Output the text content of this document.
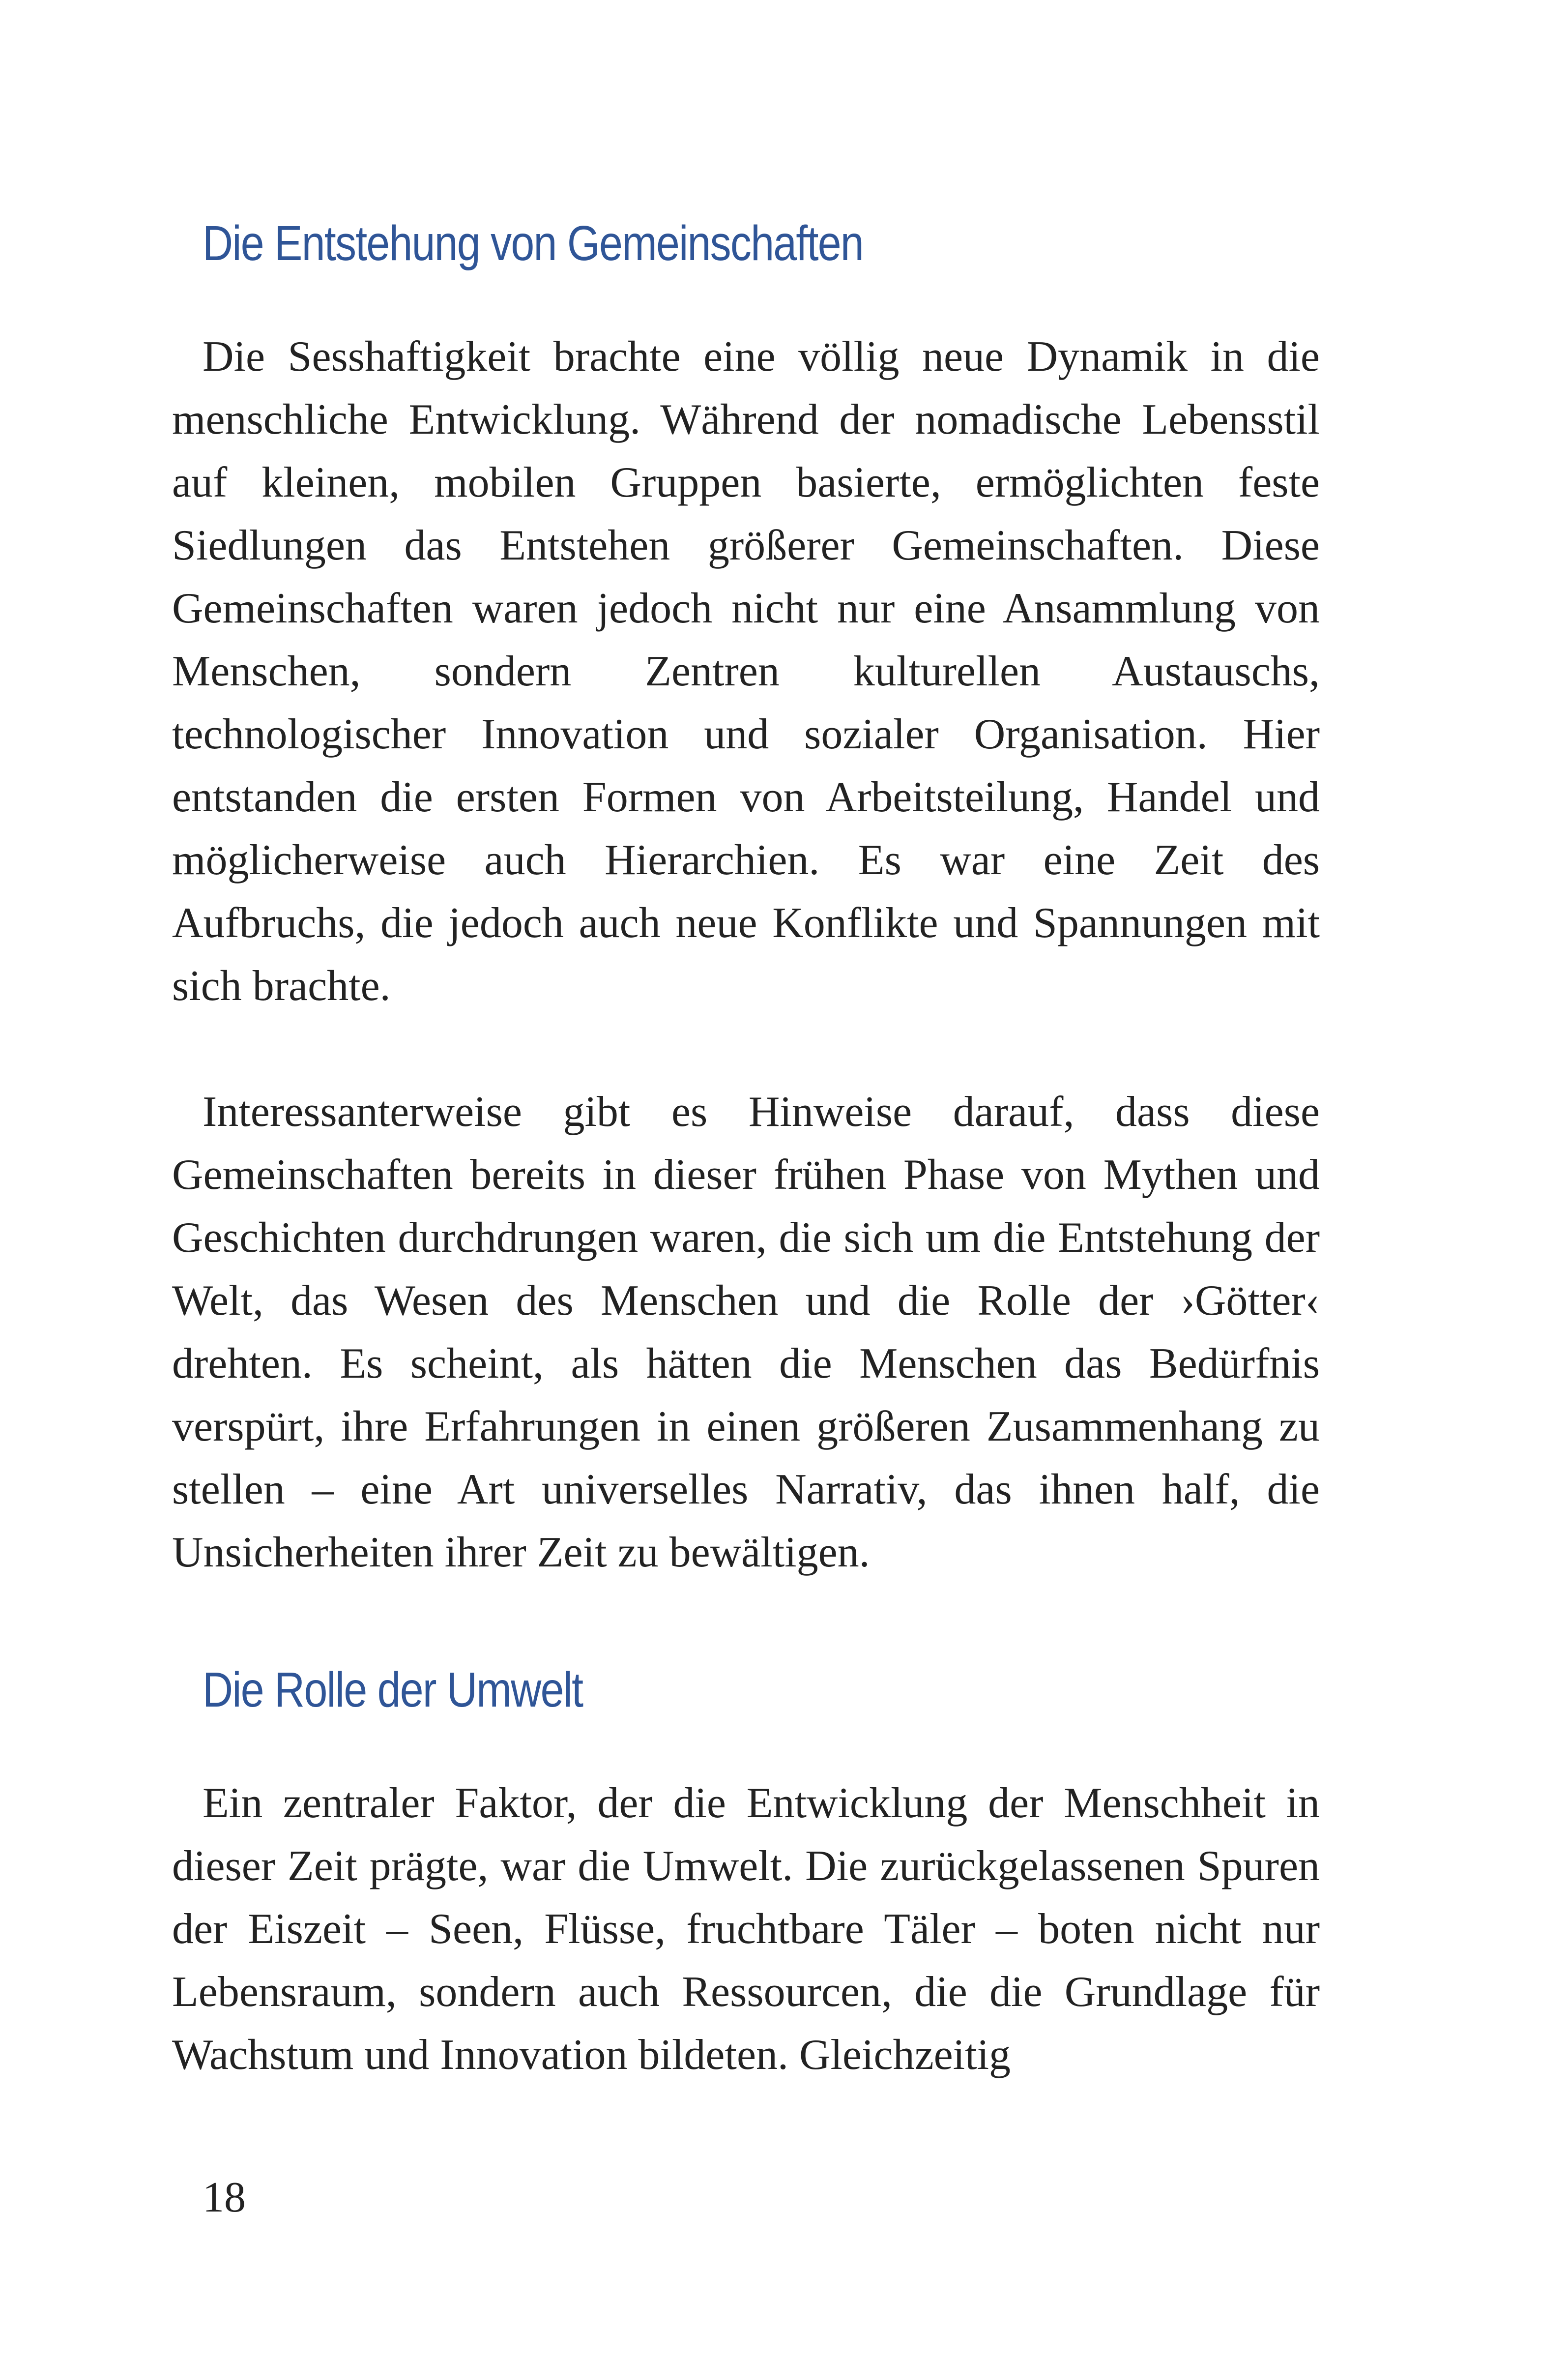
Die Entstehung von Gemeinschaften

Die Sesshaftigkeit brachte eine völlig neue Dynamik in die menschliche Entwicklung. Während der nomadische Lebensstil auf kleinen, mobilen Gruppen basierte, ermöglichten feste Siedlungen das Entstehen größerer Gemeinschaften. Diese Gemeinschaften waren jedoch nicht nur eine Ansammlung von Menschen, sondern Zentren kulturellen Austauschs, technologischer Innovation und sozialer Organisation. Hier entstanden die ersten Formen von Arbeitsteilung, Handel und möglicherweise auch Hierarchien. Es war eine Zeit des Aufbruchs, die jedoch auch neue Konflikte und Spannungen mit sich brachte.

Interessanterweise gibt es Hinweise darauf, dass diese Gemeinschaften bereits in dieser frühen Phase von Mythen und Geschichten durchdrungen waren, die sich um die Entstehung der Welt, das Wesen des Menschen und die Rolle der ›Götter‹ drehten. Es scheint, als hätten die Menschen das Bedürfnis verspürt, ihre Erfahrungen in einen größeren Zusammenhang zu stellen – eine Art universelles Narrativ, das ihnen half, die Unsicherheiten ihrer Zeit zu bewältigen.

Die Rolle der Umwelt

Ein zentraler Faktor, der die Entwicklung der Menschheit in dieser Zeit prägte, war die Umwelt. Die zurückgelassenen Spuren der Eiszeit – Seen, Flüsse, fruchtbare Täler – boten nicht nur Lebensraum, sondern auch Ressourcen, die die Grundlage für Wachstum und Innovation bildeten. Gleichzeitig

18
